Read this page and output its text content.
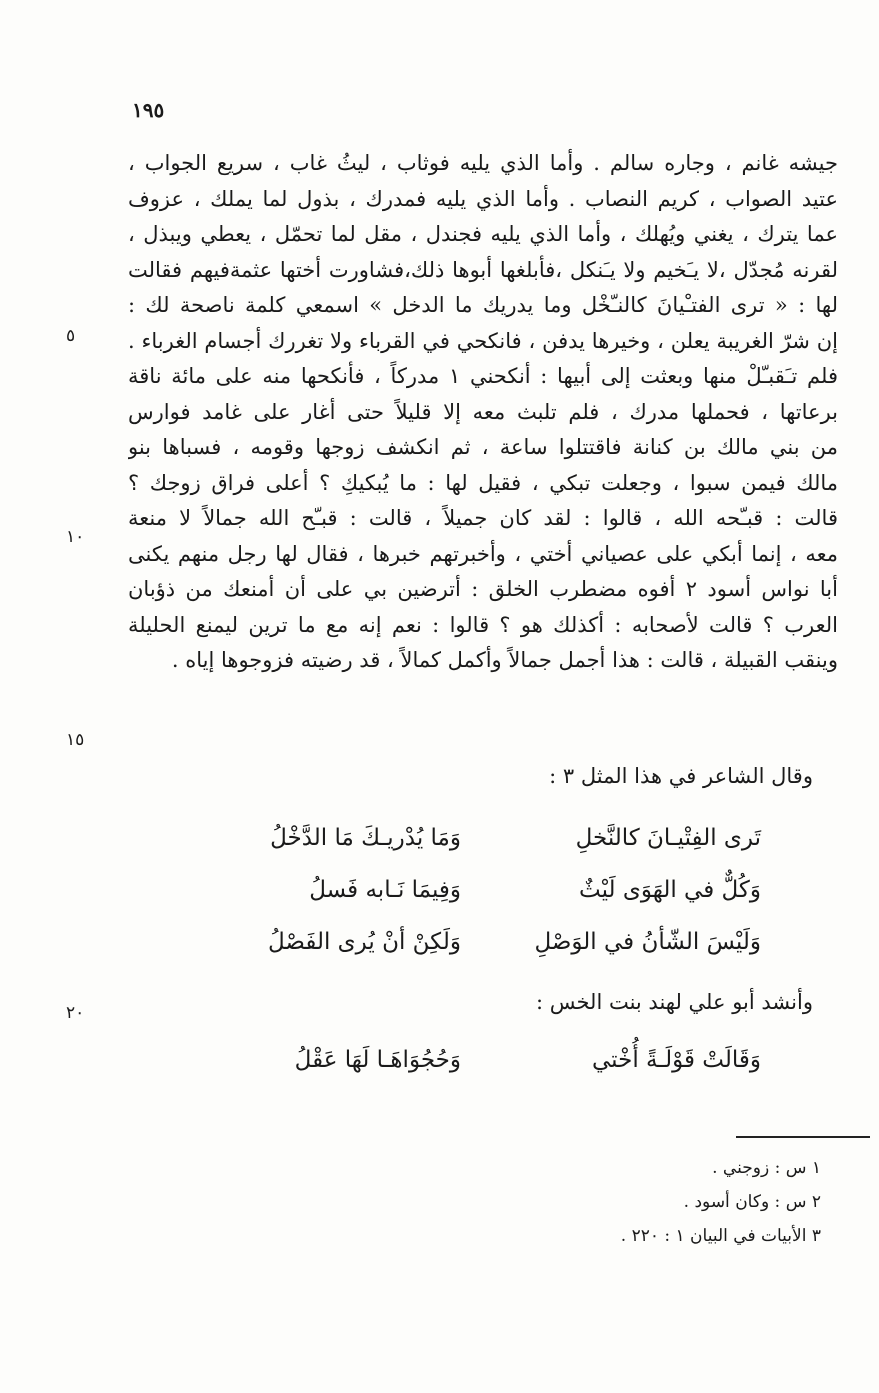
١٩٥
جيشه غانم ، وجاره سالم . وأما الذي يليه فوثاب ، ليثُ غاب ، سريع الجواب ،
عتيد الصواب ، كريم النصاب . وأما الذي يليه فمدرك ، بذول لما يملك ، عزوف
عما يترك ، يغني ويُهلك ، وأما الذي يليه فجندل ، مقل لما تحمّل ، يعطي ويبذل ،
لقرنه مُجدّل ،لا يـَخيم ولا يـَنكل ،فأبلغها أبوها ذلك،فشاورت أختها عثمةفيهم فقالت
لها : « ترى الفتـْيانَ كالنـّخْل وما يدريك ما الدخل » اسمعي كلمة ناصحة لك :
إن شرّ الغريبة يعلن ، وخيرها يدفن ، فانكحي في القرباء ولا تغررك أجسام الغرباء .
فلم تـَقبـّلْ منها وبعثت إلى أبيها : أنكحني ١ مدركاً ، فأنكحها منه على مائة ناقة
برعاتها ، فحملها مدرك ، فلم تلبث معه إلا قليلاً حتى أغار على غامد فوارس
من بني مالك بن كنانة فاقتتلوا ساعة ، ثم انكشف زوجها وقومه ، فسباها بنو
مالك فيمن سبوا ، وجعلت تبكي ، فقيل لها : ما يُبكيكِ ؟ أعلى فراق زوجك ؟
قالت : قبـّحه الله ، قالوا : لقد كان جميلاً ، قالت : قبـّح الله جمالاً لا منعة
معه ، إنما أبكي على عصياني أختي ، وأخبرتهم خبرها ، فقال لها رجل منهم يكنى
أبا نواس أسود ٢ أفوه مضطرب الخلق : أترضين بي على أن أمنعك من ذؤبان
العرب ؟ قالت لأصحابه : أكذلك هو ؟ قالوا : نعم إنه مع ما ترين ليمنع الحليلة
وينقب القبيلة ، قالت : هذا أجمل جمالاً وأكمل كمالاً ، قد رضيته فزوجوها إياه .
٥
١٠
١٥
٢٠
وقال الشاعر في هذا المثل ٣ :
تَرى الفِتْيـانَ كالنَّخلِ
وَمَا يُدْريـكَ مَا الدَّخْلُ
وَكُلٌّ في الهَوَى لَيْثٌ
وَفِيمَا نَـابه فَسلُ
وَلَيْسَ الشّأنُ في الوَصْلِ
وَلَكِنْ أنْ يُرى الفَصْلُ
وأنشد أبو علي لهند بنت الخس :
وَقَالَتْ قَوْلَـةً أُخْتي
وَحُجُوَاهَـا لَهَا عَقْلُ
١ س : زوجني .
٢ س : وكان أسود .
٣ الأبيات في البيان ١ : ٢٢٠ .
